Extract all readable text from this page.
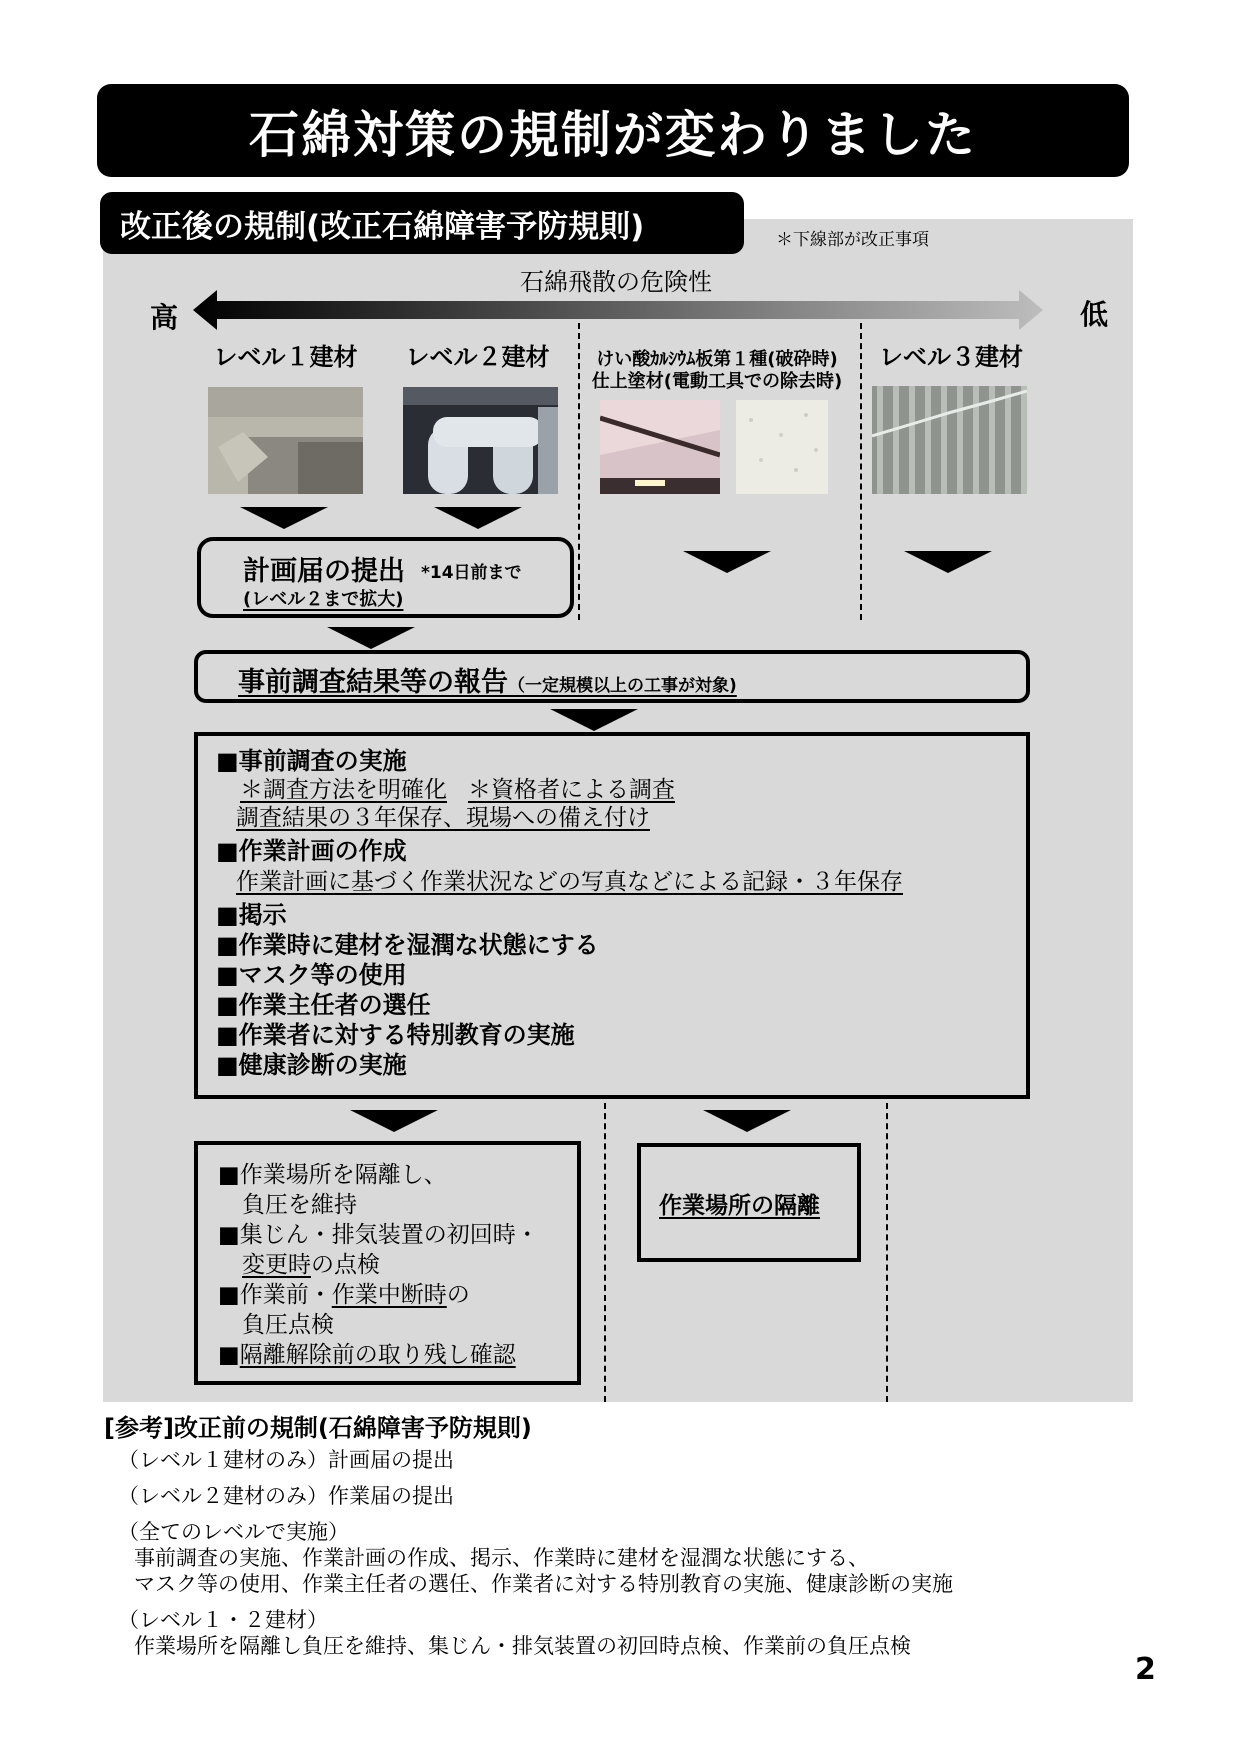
石綿対策の規制が変わりました
改正後の規制(改正石綿障害予防規則)	＊下線部が改正事項
石綿飛散の危険性
高	低
レベル１建材	レベル２建材	けい酸ｶﾙｼｳﾑ板第１種(破砕時)
仕上塗材(電動工具での除去時)
レベル３建材
計画届の提出 *14日前まで
(レベル２まで拡大)
事前調査結果等の報告（一定規模以上の工事が対象)
■事前調査の実施
＊調査方法を明確化 ＊資格者による調査
調査結果の３年保存、現場への備え付け
■作業計画の作成
作業計画に基づく作業状況などの写真などによる記録・３年保存
■掲示
■作業時に建材を湿潤な状態にする
■マスク等の使用
■作業主任者の選任
■作業者に対する特別教育の実施
■健康診断の実施
■作業場所を隔離し、
負圧を維持
■集じん・排気装置の初回時・
変更時の点検
■作業前・作業中断時の
負圧点検
■隔離解除前の取り残し確認
作業場所の隔離
[参考]改正前の規制(石綿障害予防規則)
（レベル１建材のみ）計画届の提出
（レベル２建材のみ）作業届の提出
（全てのレベルで実施）
事前調査の実施、作業計画の作成、掲示、作業時に建材を湿潤な状態にする、
マスク等の使用、作業主任者の選任、作業者に対する特別教育の実施、健康診断の実施
（レベル１・２建材）
作業場所を隔離し負圧を維持、集じん・排気装置の初回時点検、作業前の負圧点検
2
